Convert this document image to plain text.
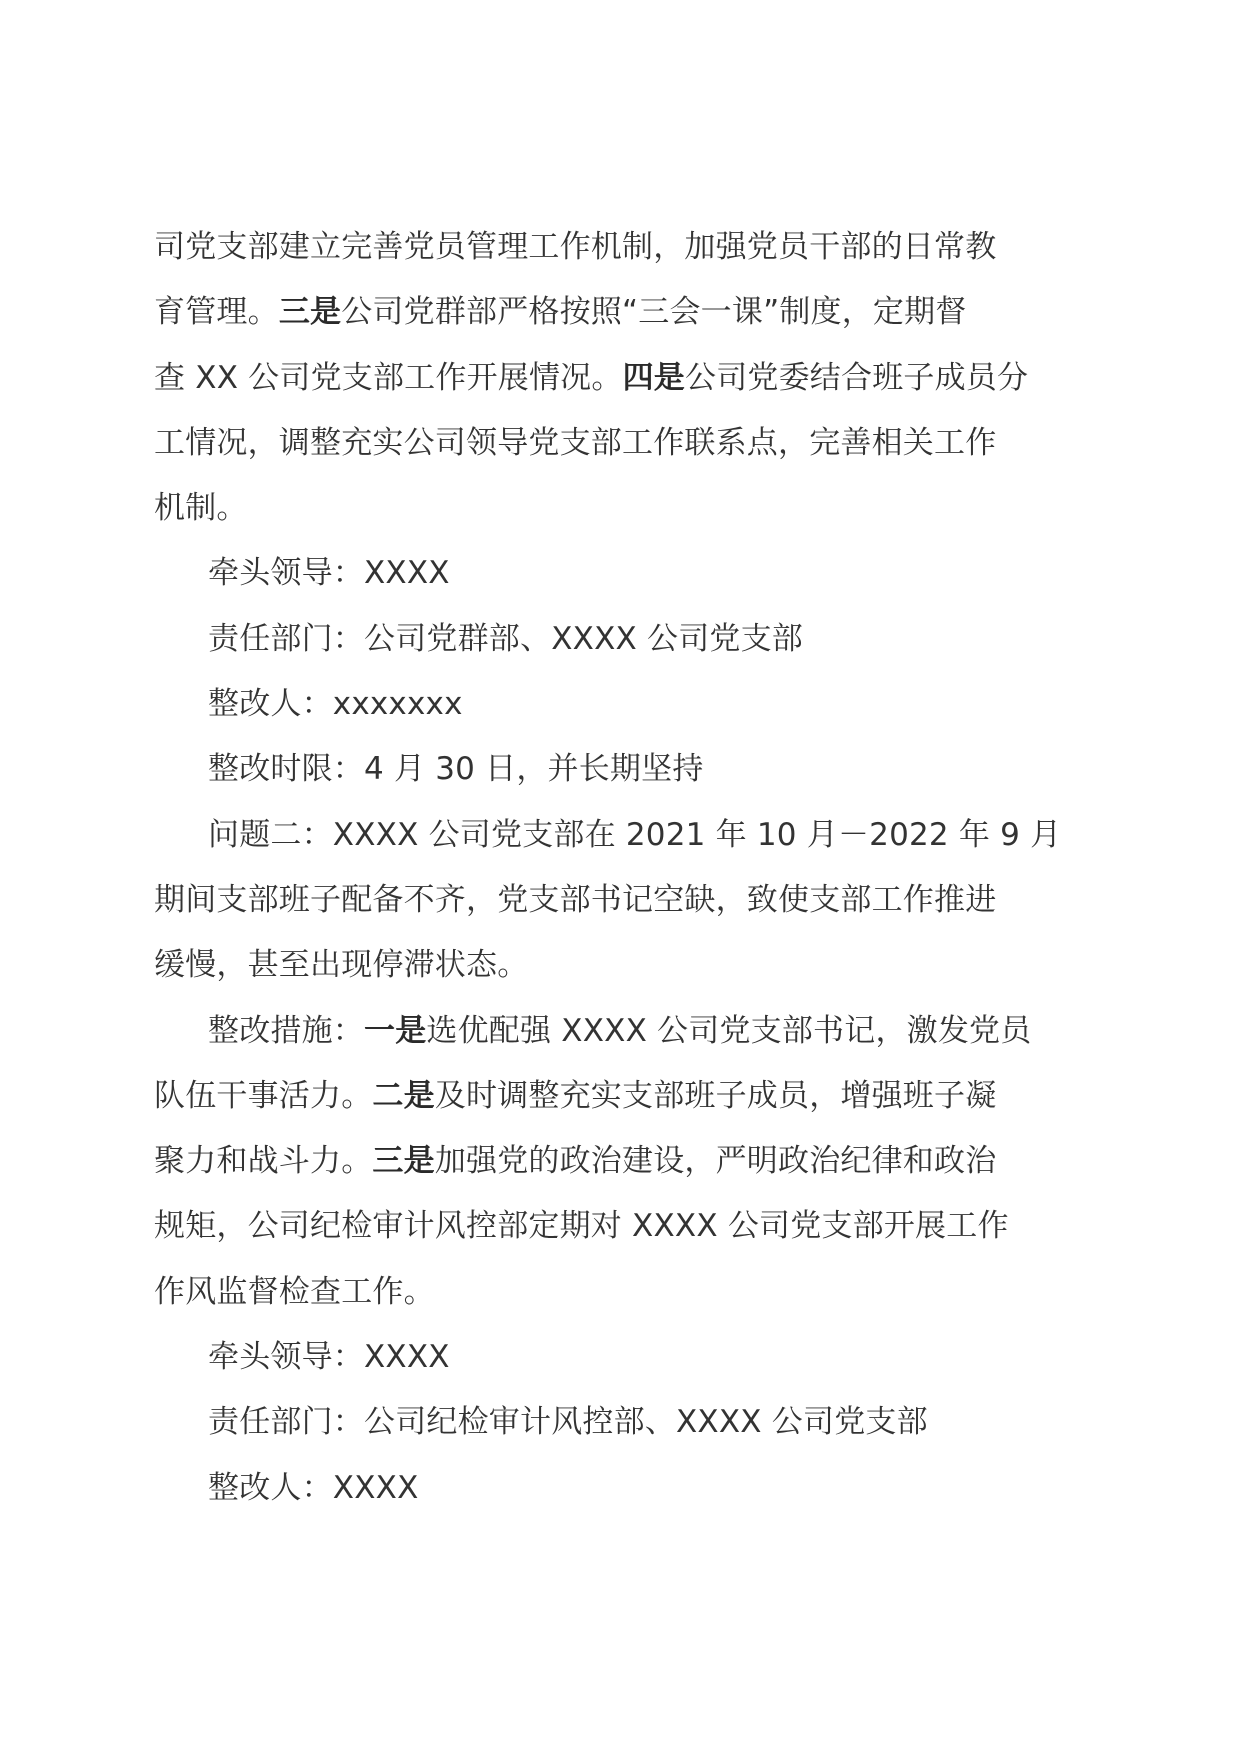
司党支部建立完善党员管理工作机制，加强党员干部的日常教
育管理。三是公司党群部严格按照“三会一课”制度，定期督
查 XX 公司党支部工作开展情况。四是公司党委结合班子成员分
工情况，调整充实公司领导党支部工作联系点，完善相关工作
机制。
牵头领导：XXXX
责任部门：公司党群部、XXXX 公司党支部
整改人：xxxxxxx
整改时限：4 月 30 日，并长期坚持
问题二：XXXX 公司党支部在 2021 年 10 月－2022 年 9 月
期间支部班子配备不齐，党支部书记空缺，致使支部工作推进
缓慢，甚至出现停滞状态。
整改措施：一是选优配强 XXXX 公司党支部书记，激发党员
队伍干事活力。二是及时调整充实支部班子成员，增强班子凝
聚力和战斗力。三是加强党的政治建设，严明政治纪律和政治
规矩，公司纪检审计风控部定期对 XXXX 公司党支部开展工作
作风监督检查工作。
牵头领导：XXXX
责任部门：公司纪检审计风控部、XXXX 公司党支部
整改人：XXXX
